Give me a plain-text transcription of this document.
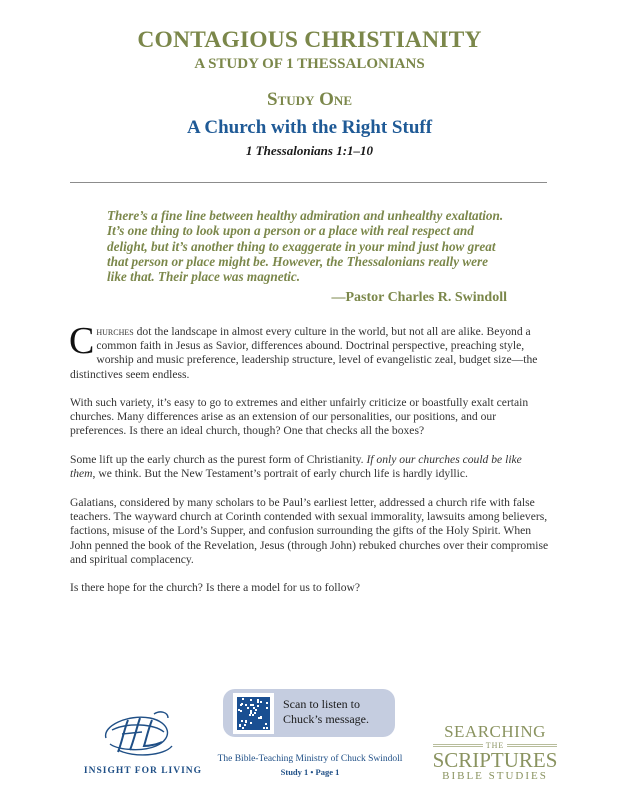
CONTAGIOUS CHRISTIANITY
A STUDY OF 1 THESSALONIANS
Study One
A Church with the Right Stuff
1 Thessalonians 1:1–10
There’s a fine line between healthy admiration and unhealthy exaltation. It’s one thing to look upon a person or a place with real respect and delight, but it’s another thing to exaggerate in your mind just how great that person or place might be. However, the Thessalonians really were like that. Their place was magnetic.
—Pastor Charles R. Swindoll
Churches dot the landscape in almost every culture in the world, but not all are alike. Beyond a common faith in Jesus as Savior, differences abound. Doctrinal perspective, preaching style, worship and music preference, leadership structure, level of evangelistic zeal, budget size—the distinctives seem endless.
With such variety, it’s easy to go to extremes and either unfairly criticize or boastfully exalt certain churches. Many differences arise as an extension of our personalities, our positions, and our preferences. Is there an ideal church, though? One that checks all the boxes?
Some lift up the early church as the purest form of Christianity. If only our churches could be like them, we think. But the New Testament’s portrait of early church life is hardly idyllic.
Galatians, considered by many scholars to be Paul’s earliest letter, addressed a church rife with false teachers. The wayward church at Corinth contended with sexual immorality, lawsuits among believers, factions, misuse of the Lord’s Supper, and confusion surrounding the gifts of the Holy Spirit. When John penned the book of the Revelation, Jesus (through John) rebuked churches over their compromise and spiritual complacency.
Is there hope for the church? Is there a model for us to follow?
Scan to listen to
Chuck’s message.
INSIGHT FOR LIVING
The Bible-Teaching Ministry of Chuck Swindoll
Study 1 • Page 1
SEARCHING
THE
SCRIPTURES
BIBLE STUDIES
